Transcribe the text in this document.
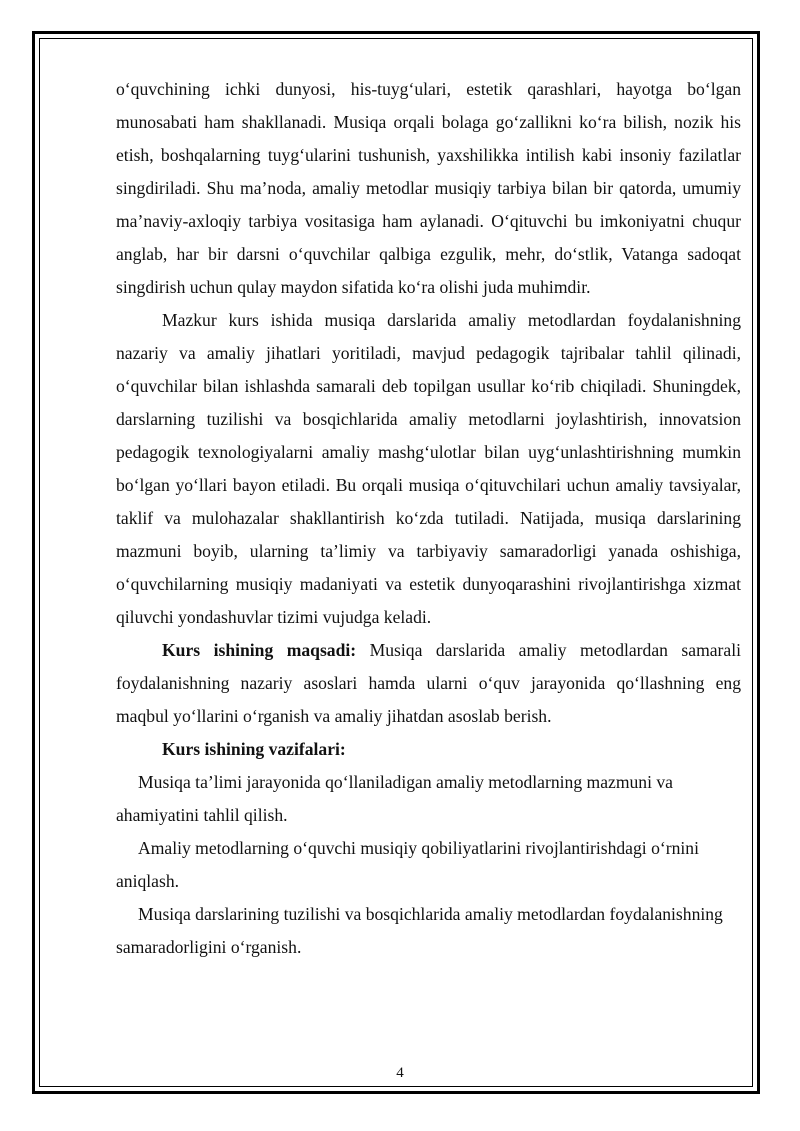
o‘quvchining ichki dunyosi, his-tuyg‘ulari, estetik qarashlari, hayotga bo‘lgan munosabati ham shakllanadi. Musiqa orqali bolaga go‘zallikni ko‘ra bilish, nozik his etish, boshqalarning tuyg‘ularini tushunish, yaxshilikka intilish kabi insoniy fazilatlar singdiriladi. Shu ma’noda, amaliy metodlar musiqiy tarbiya bilan bir qatorda, umumiy ma’naviy-axloqiy tarbiya vositasiga ham aylanadi. O‘qituvchi bu imkoniyatni chuqur anglab, har bir darsni o‘quvchilar qalbiga ezgulik, mehr, do‘stlik, Vatanga sadoqat singdirish uchun qulay maydon sifatida ko‘ra olishi juda muhimdir.

Mazkur kurs ishida musiqa darslarida amaliy metodlardan foydalanishning nazariy va amaliy jihatlari yoritiladi, mavjud pedagogik tajribalar tahlil qilinadi, o‘quvchilar bilan ishlashda samarali deb topilgan usullar ko‘rib chiqiladi. Shuningdek, darslarning tuzilishi va bosqichlarida amaliy metodlarni joylashtirish, innovatsion pedagogik texnologiyalarni amaliy mashg‘ulotlar bilan uyg‘unlashtirishning mumkin bo‘lgan yo‘llari bayon etiladi. Bu orqali musiqa o‘qituvchilari uchun amaliy tavsiyalar, taklif va mulohazalar shakllantirish ko‘zda tutiladi. Natijada, musiqa darslarining mazmuni boyib, ularning ta’limiy va tarbiyaviy samaradorligi yanada oshishiga, o‘quvchilarning musiqiy madaniyati va estetik dunyoqarashini rivojlantirishga xizmat qiluvchi yondashuvlar tizimi vujudga keladi.

Kurs ishining maqsadi: Musiqa darslarida amaliy metodlardan samarali foydalanishning nazariy asoslari hamda ularni o‘quv jarayonida qo‘llashning eng maqbul yo‘llarini o‘rganish va amaliy jihatdan asoslab berish.

Kurs ishining vazifalari:

Musiqa ta’limi jarayonida qo‘llaniladigan amaliy metodlarning mazmuni va ahamiyatini tahlil qilish.

Amaliy metodlarning o‘quvchi musiqiy qobiliyatlarini rivojlantirishdagi o‘rnini aniqlash.

Musiqa darslarining tuzilishi va bosqichlarida amaliy metodlardan foydalanishning samaradorligini o‘rganish.

4
